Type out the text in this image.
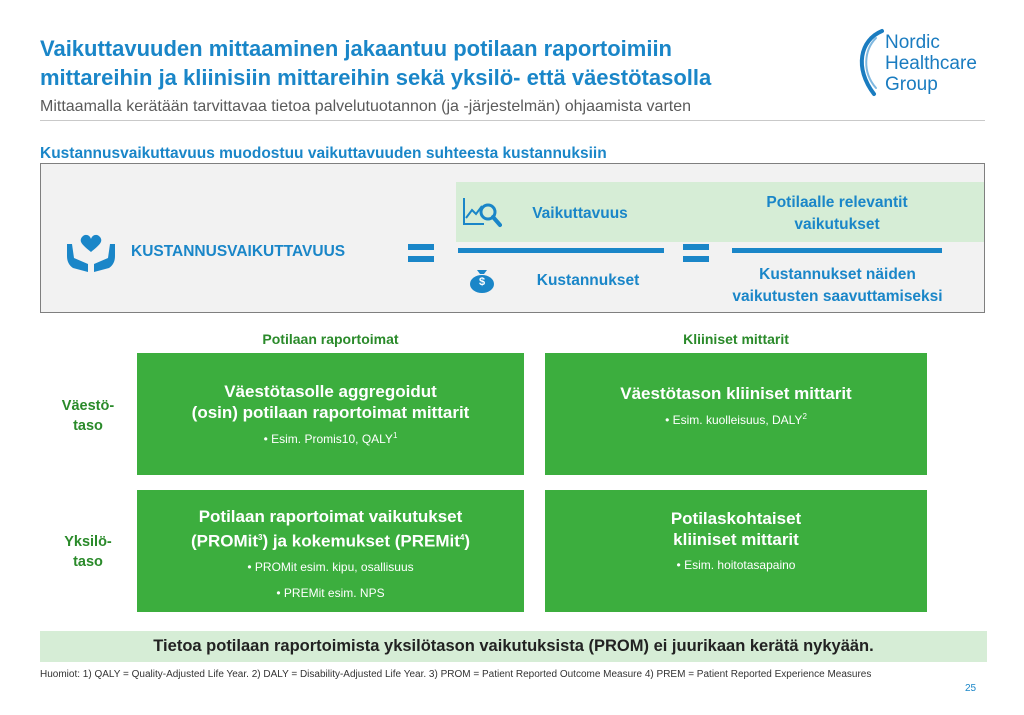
Vaikuttavuuden mittaaminen jakaantuu potilaan raportoimiin
mittareihin ja kliinisiin mittareihin sekä yksilö- että väestötasolla
Nordic
Healthcare
Group
Mittaamalla kerätään tarvittavaa tietoa palvelutuotannon (ja -järjestelmän) ohjaamista varten
Kustannusvaikuttavuus muodostuu vaikuttavuuden suhteesta kustannuksiin
KUSTANNUSVAIKUTTAVUUS
Vaikuttavuus
$	Kustannukset
Potilaalle relevantit
vaikutukset
Kustannukset näiden
vaikutusten saavuttamiseksi
Potilaan raportoimat	Kliiniset mittarit
Väestö-
taso
Yksilö-
taso
Väestötasolle aggregoidut
(osin) potilaan raportoimat mittarit
• Esim. Promis10, QALY$^1$
Väestötason kliiniset mittarit
• Esim. kuolleisuus, DALY$^2$
Potilaan raportoimat vaikutukset
(PROMit$^3$) ja kokemukset (PREMit$^4$)
• PROMit esim. kipu, osallisuus
• PREMit esim. NPS
Potilaskohtaiset
kliiniset mittarit
• Esim. hoitotasapaino
Tietoa potilaan raportoimista yksilötason vaikutuksista (PROM) ei juurikaan kerätä nykyään.
Huomiot: 1) QALY = Quality-Adjusted Life Year. 2) DALY = Disability-Adjusted Life Year. 3) PROM = Patient Reported Outcome Measure 4) PREM = Patient Reported Experience Measures
25
